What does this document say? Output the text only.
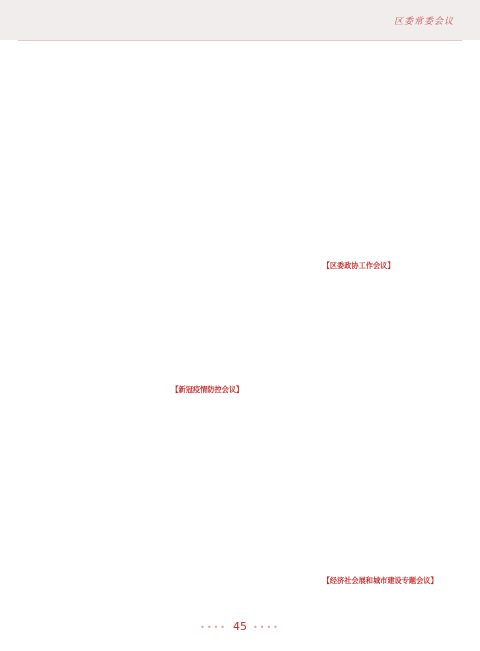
区委常委会议
【新冠疫情防控会议】
【区委政协工作会议】
【经济社会展和城市建设专题会议】
•••• 45 ••••
